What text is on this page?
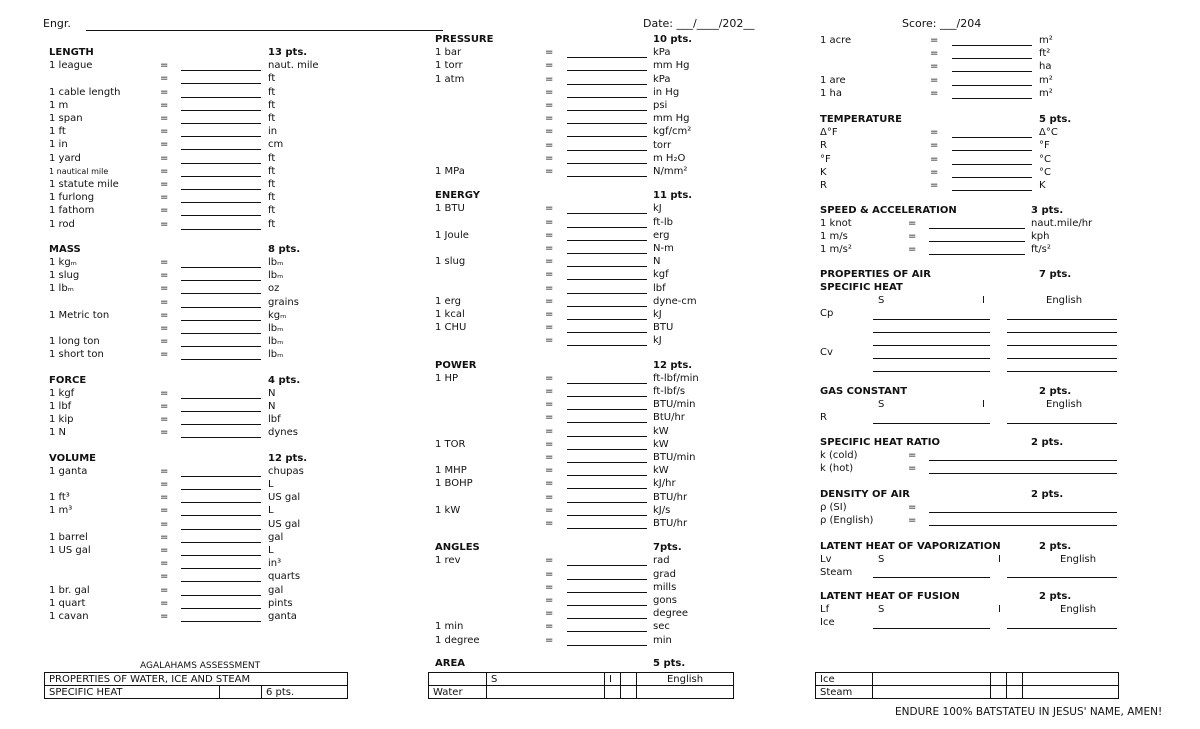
Engr.	Date: ___/____/202__	Score: ___/204
LENGTH	13 pts.
1 league	=	naut. mile
=	ft
1 cable length	=	ft
1 m	=	ft
1 span	=	ft
1 ft	=	in
1 in	=	cm
1 yard	=	ft
1 nautical mile	=	ft
1 statute mile	=	ft
1 furlong	=	ft
1 fathom	=	ft
1 rod	=	ft
MASS	8 pts.
1 kgₘ	=	lbₘ
1 slug	=	lbₘ
1 lbₘ	=	oz
=	grains
1 Metric ton	=	kgₘ
=	lbₘ
1 long ton	=	lbₘ
1 short ton	=	lbₘ
FORCE	4 pts.
1 kgf	=	N
1 lbf	=	N
1 kip	=	lbf
1 N	=	dynes
VOLUME	12 pts.
1 ganta	=	chupas
=	L
1 ft³	=	US gal
1 m³	=	L
=	US gal
1 barrel	=	gal
1 US gal	=	L
=	in³
=	quarts
1 br. gal	=	gal
1 quart	=	pints
1 cavan	=	ganta
PRESSURE	10 pts.
1 bar	=	kPa
1 torr	=	mm Hg
1 atm	=	kPa
=	in Hg
=	psi
=	mm Hg
=	kgf/cm²
=	torr
=	m H₂O
1 MPa	=	N/mm²
ENERGY	11 pts.
1 BTU	=	kJ
=	ft-lb
1 Joule	=	erg
=	N-m
1 slug	=	N
=	kgf
=	lbf
1 erg	=	dyne-cm
1 kcal	=	kJ
1 CHU	=	BTU
=	kJ
POWER	12 pts.
1 HP	=	ft-lbf/min
=	ft-lbf/s
=	BTU/min
=	BtU/hr
=	kW
1 TOR	=	kW
=	BTU/min
1 MHP	=	kW
1 BOHP	=	kJ/hr
=	BTU/hr
1 kW	=	kJ/s
=	BTU/hr
ANGLES	7pts.
1 rev	=	rad
=	grad
=	mills
=	gons
=	degree
1 min	=	sec
1 degree	=	min
1 acre	=	m²
=	ft²
=	ha
1 are	=	m²
1 ha	=	m²
TEMPERATURE	5 pts.
Δ°F	=	Δ°C
R	=	°F
°F	=	°C
K	=	°C
R	=	K
SPEED & ACCELERATION	3 pts.
1 knot	=	naut.mile/hr
1 m/s	=	kph
1 m/s²	=	ft/s²
PROPERTIES OF AIR	7 pts.
SPECIFIC HEAT
S	I	English
Cp
Cv
GAS CONSTANT	2 pts.
S	I	English
R
SPECIFIC HEAT RATIO	2 pts.
k (cold)	=
k (hot)	=
DENSITY OF AIR	2 pts.
ρ (SI)	=
ρ (English)	=
LATENT HEAT OF VAPORIZATION	2 pts.
Lv	S	I	English
Steam
LATENT HEAT OF FUSION	2 pts.
Lf	S	I	English
Ice
AGALAHAMS ASSESSMENT
PROPERTIES OF WATER, ICE AND STEAM
SPECIFIC HEAT		6 pts.
AREA	5 pts.
	S	I		English
Water				
Ice				
Steam				
ENDURE 100% BATSTATEU IN JESUS' NAME, AMEN!
